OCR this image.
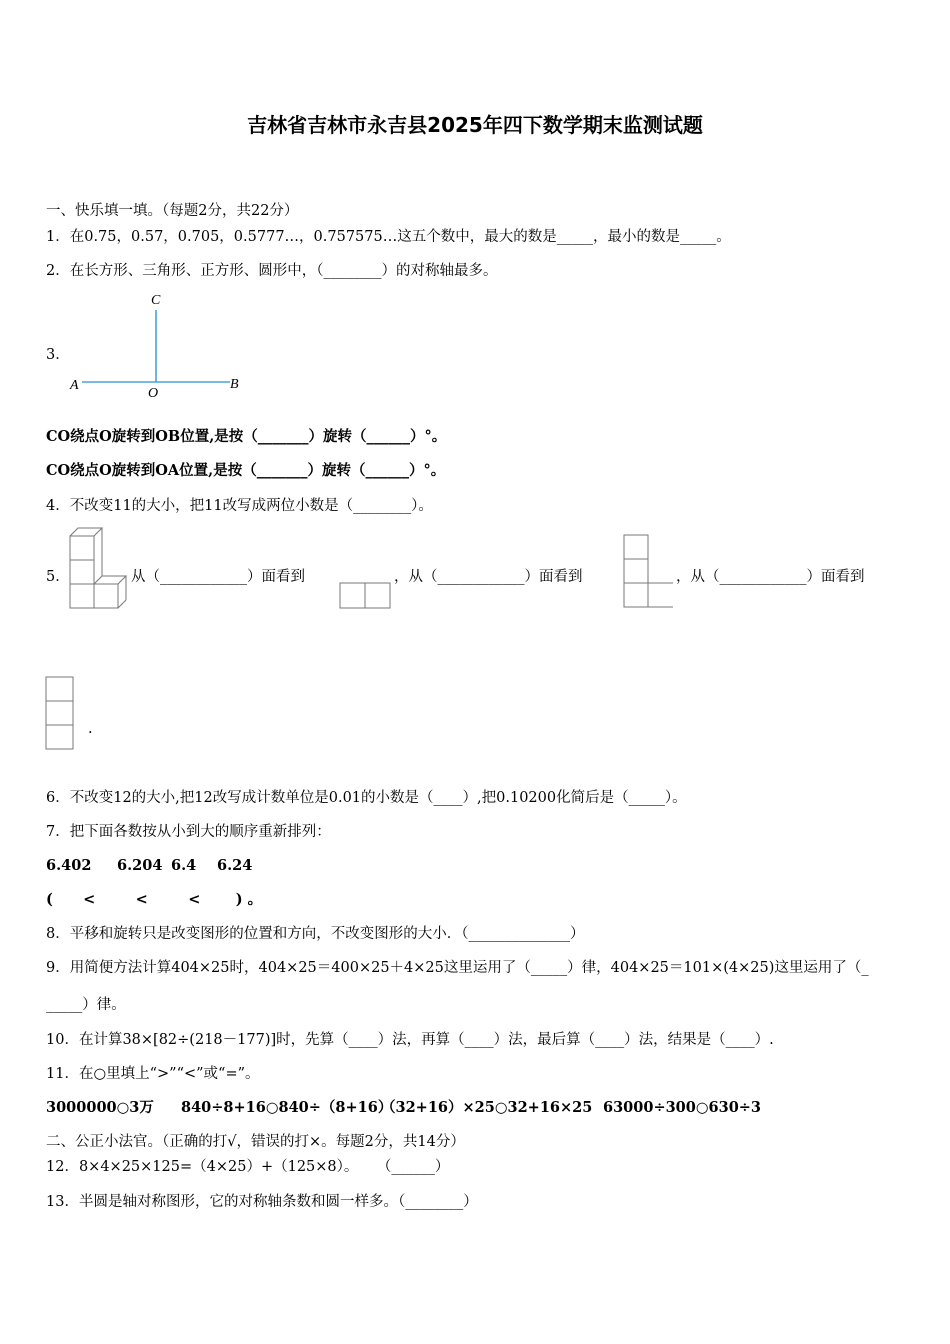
吉林省吉林市永吉县2025年四下数学期末监测试题
一、快乐填一填。（每题2分，共22分）
1．在0.75，0.57，0.705，0.5777…，0.757575…这五个数中，最大的数是_____，最小的数是_____。
2．在长方形、三角形、正方形、圆形中，（________）的对称轴最多。
3．
C
A
O
B
CO绕点O旋转到OB位置,是按（_______）旋转（______）°。
CO绕点O旋转到OA位置,是按（_______）旋转（______）°。
4．不改变11的大小，把11改写成两位小数是（________）。
5．	从（____________）面看到	，从（____________）面看到	，从（____________）面看到
.
6．不改变12的大小,把12改写成计数单位是0.01的小数是（____）,把0.10200化简后是（_____）。
7．把下面各数按从小到大的顺序重新排列：
6.402 6.204 6.4 6.24
(      <        <        <       ) 。
8．平移和旋转只是改变图形的位置和方向，不改变图形的大小．（______________）
9．用简便方法计算404×25时，404×25＝400×25＋4×25这里运用了（_____）律，404×25＝101×(4×25)这里运用了（_
_____）律。
10．在计算38×[82÷(218－177)]时，先算（____）法，再算（____）法，最后算（____）法，结果是（____）.
11．在○里填上“>”“<”或“=”。
3000000○3万 840÷8+16○840÷（8+16）
（32+16）×25○32+16×25 63000÷300○630÷3
二、公正小法官。（正确的打√，错误的打×。每题2分，共14分）
12．8×4×25×125=（4×25）+（125×8）。    （______）
13．半圆是轴对称图形，它的对称轴条数和圆一样多。（________）
